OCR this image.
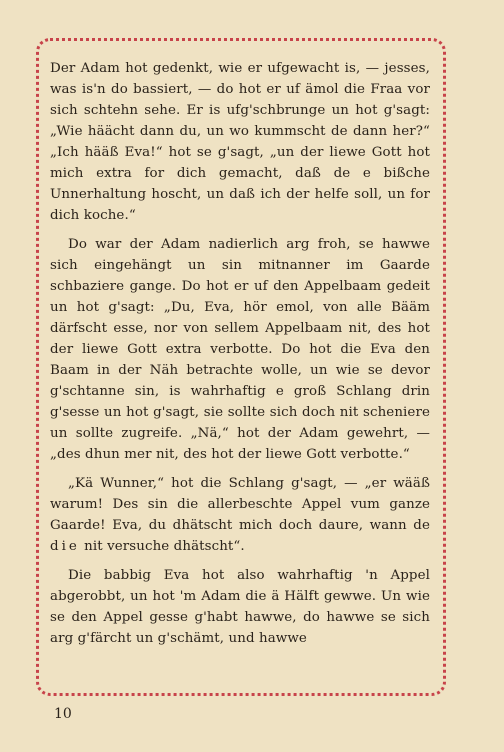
Der Adam hot gedenkt, wie er ufgewacht is, — jesses, was is'n do bassiert, — do hot er uf ämol die Fraa vor sich schtehn sehe. Er is ufg'schbrunge un hot g'sagt: „Wie häächt dann du, un wo kummscht de dann her?“ „Ich hääß Eva!“ hot se g'sagt, „un der liewe Gott hot mich extra for dich gemacht, daß de e bißche Unnerhaltung hoscht, un daß ich der helfe soll, un for dich koche.“

Do war der Adam nadierlich arg froh, se hawwe sich eingehängt un sin mitnanner im Gaarde schbaziere gange. Do hot er uf den Appelbaam gedeit un hot g'sagt: „Du, Eva, hör emol, von alle Bääm därfscht esse, nor von sellem Appelbaam nit, des hot der liewe Gott extra verbotte. Do hot die Eva den Baam in der Näh betrachte wolle, un wie se devor g'schtanne sin, is wahrhaftig e groß Schlang drin g'sesse un hot g'sagt, sie sollte sich doch nit scheniere un sollte zugreife. „Nä,“ hot der Adam gewehrt, — „des dhun mer nit, des hot der liewe Gott verbotte.“

„Kä Wunner,“ hot die Schlang g'sagt, — „er wääß warum! Des sin die allerbeschte Appel vum ganze Gaarde! Eva, du dhätscht mich doch daure, wann de die nit versuche dhätscht“.

Die babbig Eva hot also wahrhaftig 'n Appel abgerobbt, un hot 'm Adam die ä Hälft gewwe. Un wie se den Appel gesse g'habt hawwe, do hawwe se sich arg g'färcht un g'schämt, und hawwe

10
